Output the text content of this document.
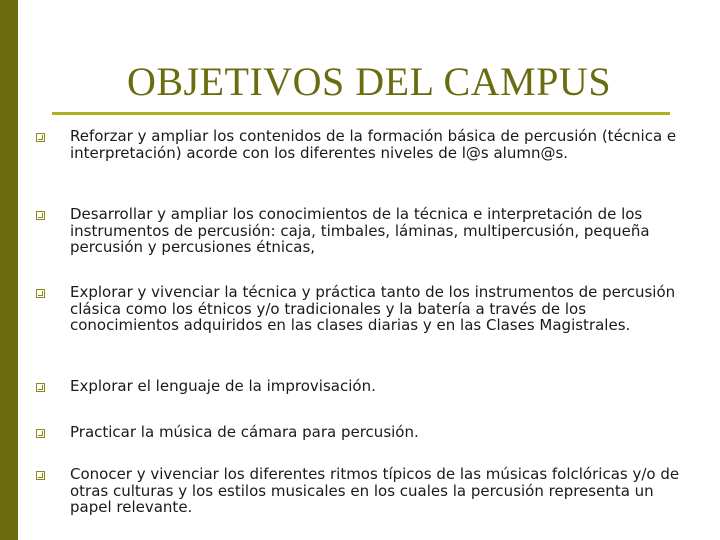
OBJETIVOS DEL CAMPUS
Reforzar y ampliar los contenidos de la formación básica de percusión (técnica e interpretación) acorde con los diferentes niveles de l@s alumn@s.
Desarrollar y ampliar los conocimientos de la técnica e interpretación de los instrumentos de percusión: caja, timbales, láminas, multipercusión, pequeña percusión y percusiones étnicas,
Explorar y vivenciar la técnica y práctica tanto de los instrumentos de percusión clásica como los étnicos y/o tradicionales y la batería a través de los conocimientos adquiridos en las clases diarias y en las Clases Magistrales.
Explorar el lenguaje de la improvisación.
Practicar la música de cámara para percusión.
Conocer y vivenciar los diferentes ritmos típicos de las músicas folclóricas y/o de otras culturas y los estilos musicales en los cuales la percusión representa un papel relevante.
